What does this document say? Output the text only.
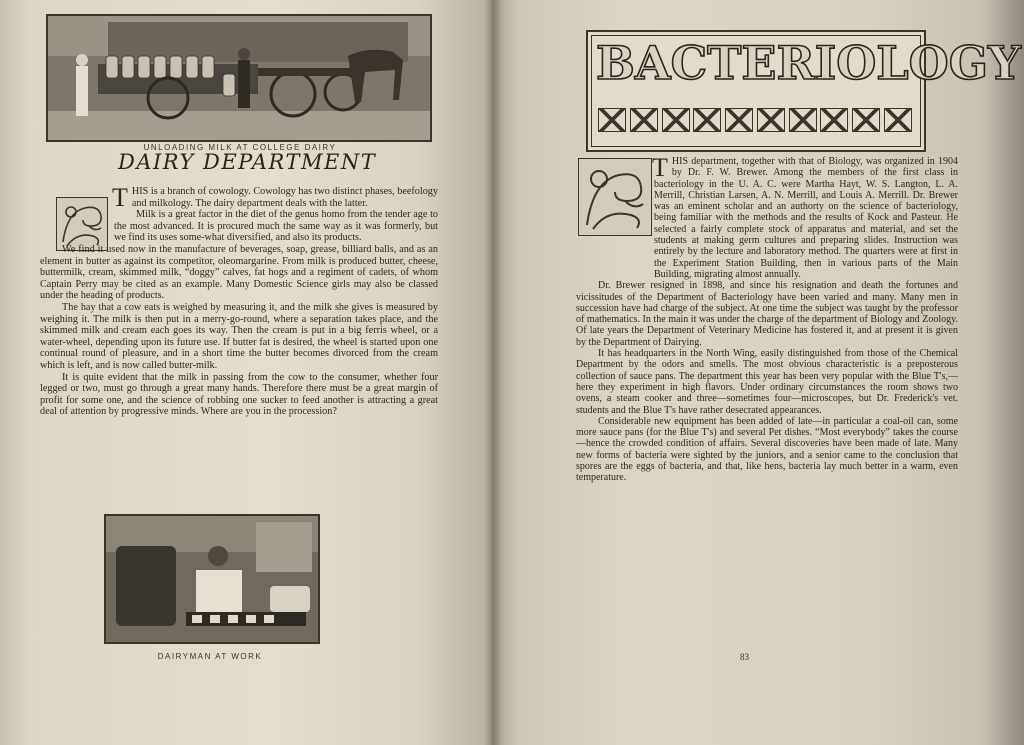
UNLOADING MILK AT COLLEGE DAIRY
DAIRY DEPARTMENT

T HIS is a branch of cowology. Cowology has two distinct phases, beefology and milkology. The dairy department deals with the latter.

Milk is a great factor in the diet of the genus homo from the tender age to the most advanced. It is procured much the same way as it was formerly, but we find its uses some-what diversified, and also its products.

We find it used now in the manufacture of beverages, soap, grease, billiard balls, and as an element in butter as against its competitor, oleomargarine. From milk is produced butter, cheese, buttermilk, cream, skimmed milk, “doggy” calves, fat hogs and a regiment of cadets, of whom Captain Perry may be cited as an example. Many Domestic Science girls may also be classed under the heading of products.

The hay that a cow eats is weighed by measuring it, and the milk she gives is measured by weighing it. The milk is then put in a merry-go-round, where a separation takes place, and the skimmed milk and cream each goes its way. Then the cream is put in a big ferris wheel, or a water-wheel, depending upon its future use. If butter fat is desired, the wheel is started upon one continual round of pleasure, and in a short time the butter becomes divorced from the cream which is left, and is now called butter-milk.

It is quite evident that the milk in passing from the cow to the consumer, whether four legged or two, must go through a great many hands. Therefore there must be a great margin of profit for some one, and the science of robbing one sucker to feed another is attracting a great deal of attention by progressive minds. Where are you in the procession?

DAIRYMAN AT WORK
BACTERIOLOGY

T HIS department, together with that of Biology, was organized in 1904 by Dr. F. W. Brewer. Among the members of the first class in bacteriology in the U. A. C. were Martha Hayt, W. S. Langton, L. A. Merrill, Christian Larsen, A. N. Merrill, and Louis A. Merrill. Dr. Brewer was an eminent scholar and an authorty on the science of bacteriology, being familiar with the methods and the results of Kock and Pasteur. He selected a fairly complete stock of apparatus and material, and set the students at making germ cultures and preparing slides. Instruction was entirely by the lecture and laboratory method. The quarters were at first in the Experiment Station Building, then in various parts of the Main Building, migrating almost annually.

Dr. Brewer resigned in 1898, and since his resignation and death the fortunes and vicissitudes of the Department of Bacteriology have been varied and many. Many men in succession have had charge of the subject. At one time the subject was taught by the professor of mathematics. In the main it was under the charge of the department of Biology and Zoology. Of late years the Department of Veterinary Medicine has fostered it, and at present it is given by the Department of Dairying.

It has headquarters in the North Wing, easily distinguished from those of the Chemical Department by the odors and smells. The most obvious characteristic is a preposterous collection of sauce pans. The department this year has been very popular with the Blue T's,—here they experiment in high flavors. Under ordinary circumstances the room shows two ovens, a steam cooker and three—sometimes four—microscopes, but Dr. Frederick's vet. students and the Blue T's have rather desecrated appearances.

Considerable new equipment has been added of late—in particular a coal-oil can, some more sauce pans (for the Blue T's) and several Pet dishes. “Most everybody” takes the course—hence the crowded condition of affairs. Several discoveries have been made of late. Many new forms of bacteria were sighted by the juniors, and a senior came to the conclusion that spores are the eggs of bacteria, and that, like hens, bacteria lay much better in a warm, even temperature.

83
